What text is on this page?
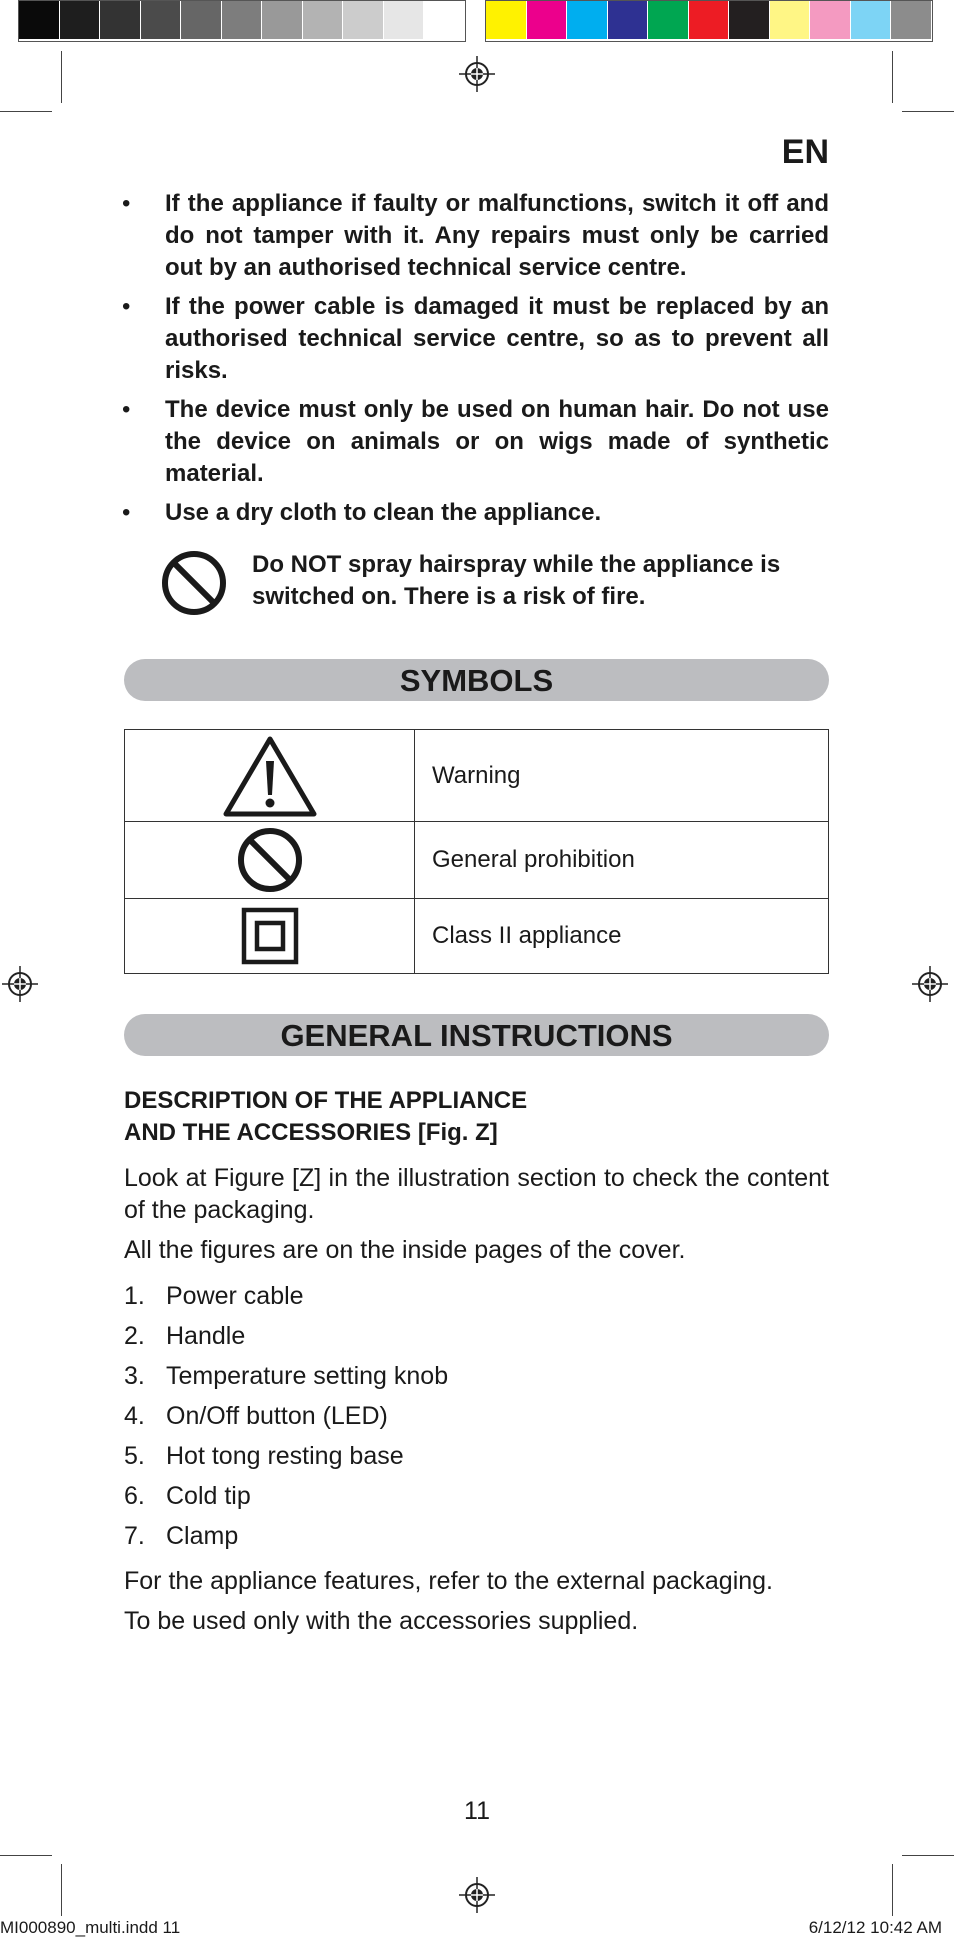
EN
• If the appliance if faulty or malfunctions, switch it off and do not tamper with it. Any repairs must only be carried out by an authorised technical service centre.
• If the power cable is damaged it must be replaced by an authorised technical service centre, so as to prevent all risks.
• The device must only be used on human hair. Do not use the device on animals or on wigs made of synthetic material.
• Use a dry cloth to clean the appliance.
Do NOT spray hairspray while the appliance is switched on. There is a risk of fire.
SYMBOLS
	Warning

	General prohibition

	Class II appliance
GENERAL INSTRUCTIONS
DESCRIPTION OF THE APPLIANCE
AND THE ACCESSORIES [Fig. Z]
Look at Figure [Z] in the illustration section to check the content of the packaging.
All the figures are on the inside pages of the cover.
1. Power cable
2. Handle
3. Temperature setting knob
4. On/Off button (LED)
5. Hot tong resting base
6. Cold tip
7. Clamp
For the appliance features, refer to the external packaging.
To be used only with the accessories supplied.
11
MI000890_multi.indd 11	6/12/12 10:42 AM
